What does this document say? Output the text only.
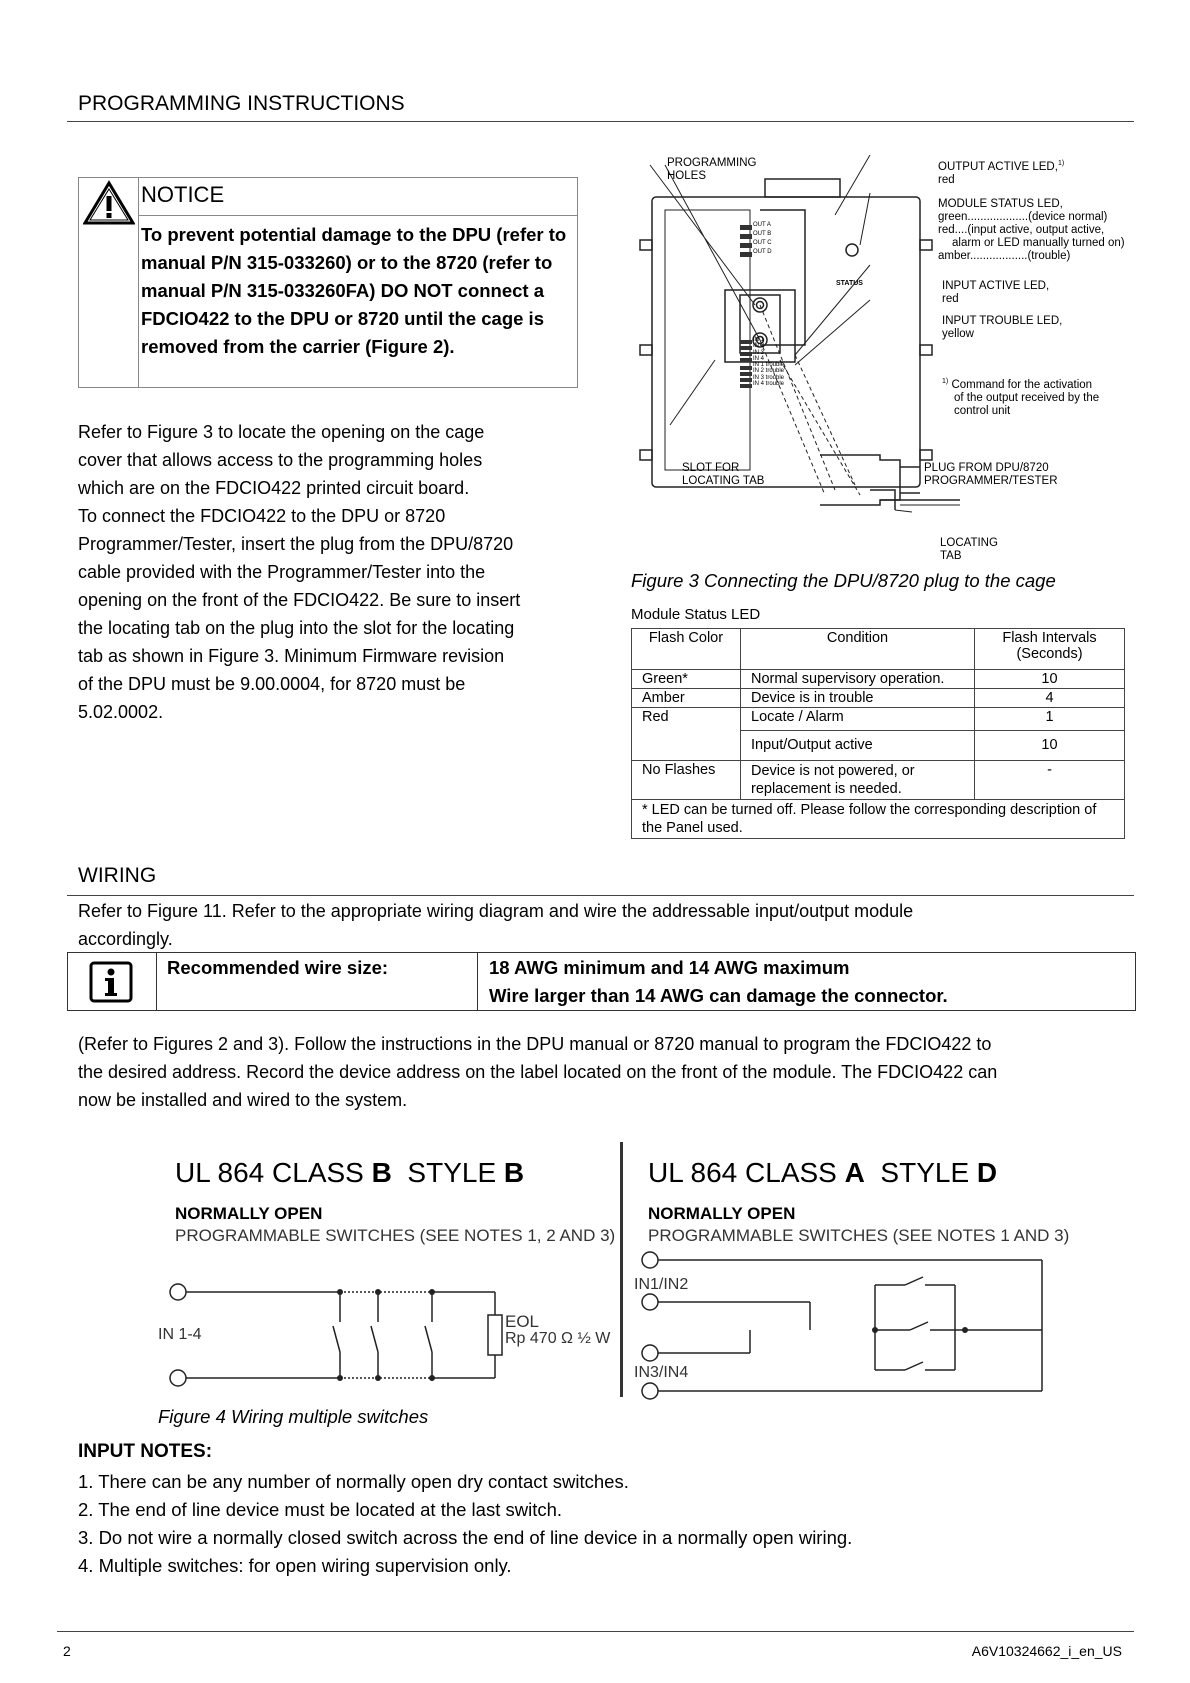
PROGRAMMING INSTRUCTIONS
NOTICE
To prevent potential damage to the DPU (refer to manual P/N 315-033260) or to the 8720 (refer to manual P/N 315-033260FA) DO NOT connect a FDCIO422 to the DPU or 8720 until the cage is removed from the carrier (Figure 2).
Refer to Figure 3 to locate the opening on the cage
cover that allows access to the programming holes
which are on the FDCIO422 printed circuit board.
To connect the FDCIO422 to the DPU or 8720
Programmer/Tester, insert the plug from the DPU/8720
cable provided with the Programmer/Tester into the
opening on the front of the FDCIO422. Be sure to insert
the locating tab on the plug into the slot for the locating
tab as shown in Figure 3. Minimum Firmware revision
of the DPU must be 9.00.0004, for 8720 must be
5.02.0002.
PROGRAMMING
HOLES
OUTPUT ACTIVE LED,$^{1)}$
red
MODULE STATUS LED,
green...................(device normal)
red....(input active, output active,
alarm or LED manually turned on)
amber..................(trouble)
INPUT ACTIVE LED,
red
INPUT TROUBLE LED,
yellow
$^{1)}$ Command for the activation
of the output received by the
control unit
SLOT FOR
LOCATING TAB
PLUG FROM DPU/8720
PROGRAMMER/TESTER
LOCATING
TAB
OUT A
OUT B
OUT C
OUT D
STATUS
IN 1
IN 2
IN 3
IN 4
IN 1 trouble
IN 2 trouble
IN 3 trouble
IN 4 trouble
Figure 3 Connecting the DPU/8720 plug to the cage
Module Status LED
Flash Color	Condition	Flash Intervals (Seconds)
Green*	Normal supervisory operation.	10
Amber	Device is in trouble	4
Red	Locate / Alarm	1
	Input/Output active	10
No Flashes	Device is not powered, or replacement is needed.	-
* LED can be turned off. Please follow the corresponding description of the Panel used.		
WIRING
Refer to Figure 11. Refer to the appropriate wiring diagram and wire the addressable input/output module
accordingly.
Recommended wire size:	18 AWG minimum and 14 AWG maximum
Wire larger than 14 AWG can damage the connector.
(Refer to Figures 2 and 3). Follow the instructions in the DPU manual or 8720 manual to program the FDCIO422 to
the desired address. Record the device address on the label located on the front of the module. The FDCIO422 can
now be installed and wired to the system.
UL 864 CLASS B  STYLE B
NORMALLY OPEN
PROGRAMMABLE SWITCHES (SEE NOTES 1, 2 AND 3)
UL 864 CLASS A  STYLE D
NORMALLY OPEN
PROGRAMMABLE SWITCHES (SEE NOTES 1 AND 3)
IN 1-4
EOL
Rp 470 Ω ½ W
IN1/IN2
IN3/IN4
Figure 4 Wiring multiple switches
INPUT NOTES:
1. There can be any number of normally open dry contact switches.
2. The end of line device must be located at the last switch.
3. Do not wire a normally closed switch across the end of line device in a normally open wiring.
4. Multiple switches: for open wiring supervision only.
2	A6V10324662_i_en_US
